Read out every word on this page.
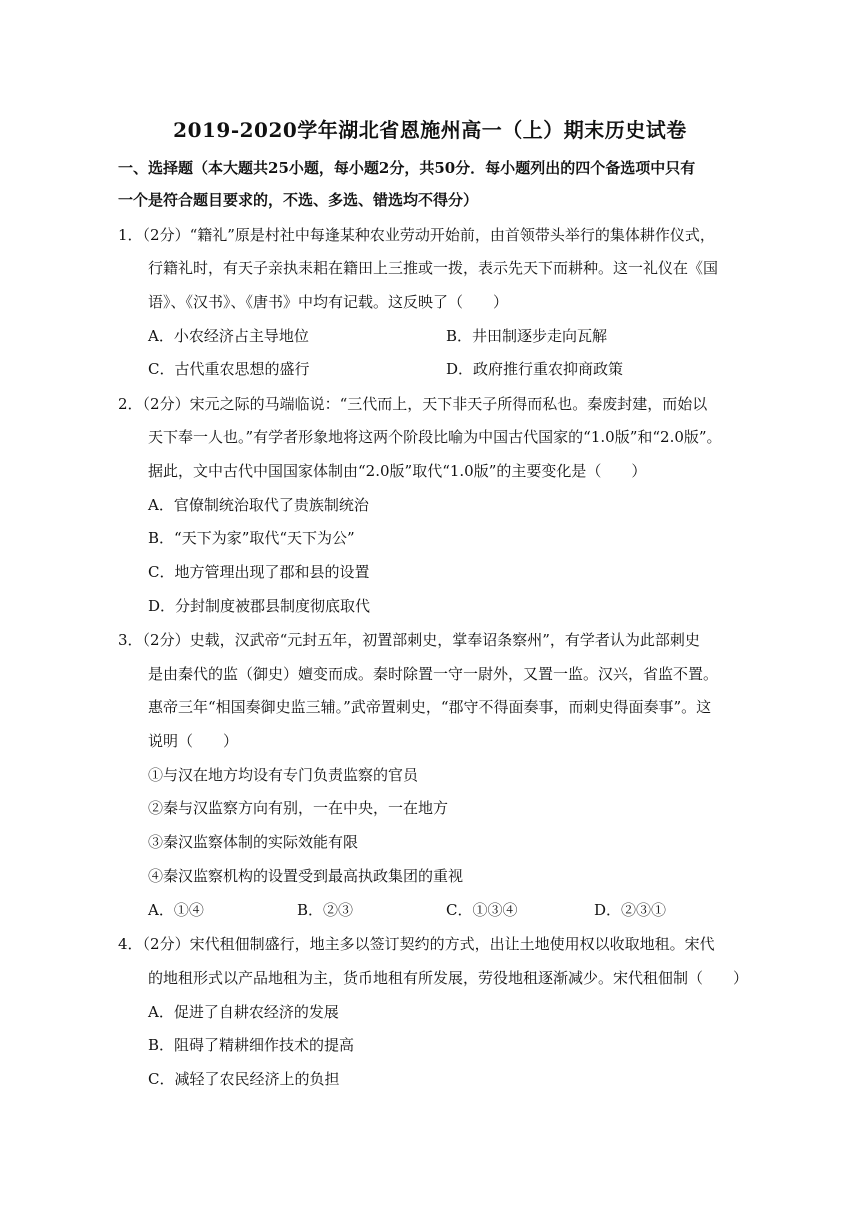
2019-2020学年湖北省恩施州高一（上）期末历史试卷
一、选择题（本大题共25小题，每小题2分，共50分．每小题列出的四个备选项中只有
一个是符合题目要求的，不选、多选、错选均不得分）
1．（2分）“籍礼”原是村社中每逢某种农业劳动开始前，由首领带头举行的集体耕作仪式，
行籍礼时，有天子亲执耒耜在籍田上三推或一拨，表示先天下而耕种。这一礼仪在《国
语》、《汉书》、《唐书》中均有记载。这反映了（　　）
A．小农经济占主导地位	B．井田制逐步走向瓦解
C．古代重农思想的盛行	D．政府推行重农抑商政策
2．（2分）宋元之际的马端临说：“三代而上，天下非天子所得而私也。秦废封建，而始以
天下奉一人也。”有学者形象地将这两个阶段比喻为中国古代国家的“1.0版”和“2.0版”。
据此，文中古代中国国家体制由“2.0版”取代“1.0版”的主要变化是（　　）
A．官僚制统治取代了贵族制统治
B．“天下为家”取代“天下为公”
C．地方管理出现了郡和县的设置
D．分封制度被郡县制度彻底取代
3．（2分）史载，汉武帝“元封五年，初置部刺史，掌奉诏条察州”，有学者认为此部刺史
是由秦代的监（御史）嬗变而成。秦时除置一守一尉外，又置一监。汉兴，省监不置。
惠帝三年“相国奏御史监三辅。”武帝置刺史，“郡守不得面奏事，而刺史得面奏事”。这
说明（　　）
①与汉在地方均设有专门负责监察的官员
②秦与汉监察方向有别，一在中央，一在地方
③秦汉监察体制的实际效能有限
④秦汉监察机构的设置受到最高执政集团的重视
A．①④	B．②③	C．①③④	D．②③①
4．（2分）宋代租佃制盛行，地主多以签订契约的方式，出让土地使用权以收取地租。宋代
的地租形式以产品地租为主，货币地租有所发展，劳役地租逐渐减少。宋代租佃制（　　）
A．促进了自耕农经济的发展
B．阻碍了精耕细作技术的提高
C．减轻了农民经济上的负担
